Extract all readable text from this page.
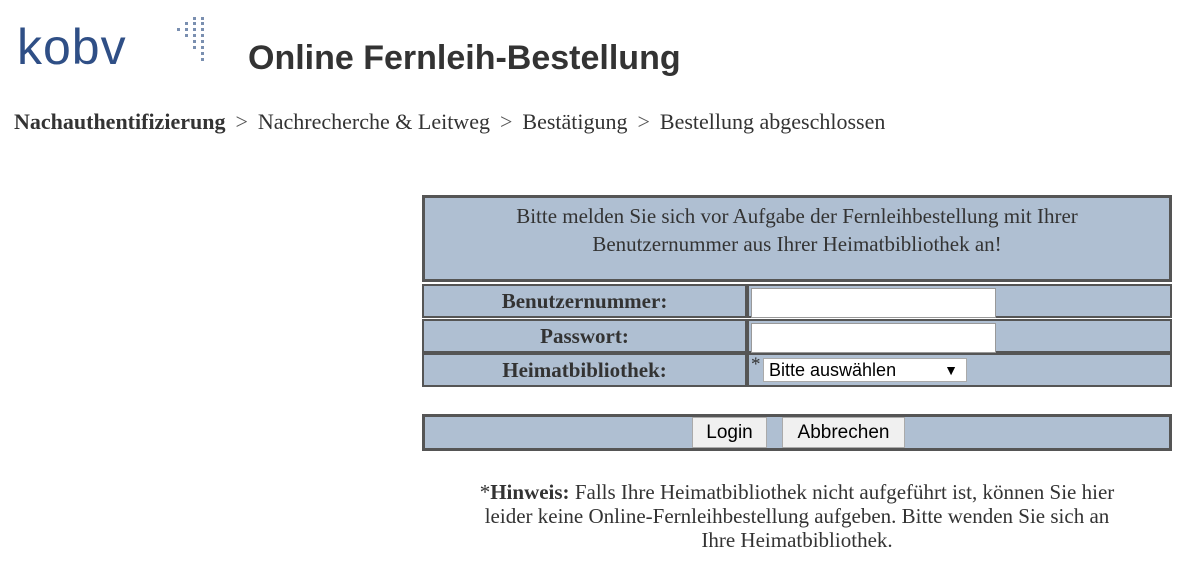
kobv	Online Fernleih-Bestellung
Nachauthentifizierung > Nachrecherche & Leitweg > Bestätigung > Bestellung abgeschlossen
Bitte melden Sie sich vor Aufgabe der Fernleihbestellung mit Ihrer
Benutzernummer aus Ihrer Heimatbibliothek an!
Benutzernummer:
Passwort:
Heimatbibliothek:	* Bitte auswählen	▼
Login	Abbrechen
*Hinweis: Falls Ihre Heimatbibliothek nicht aufgeführt ist, können Sie hier
leider keine Online-Fernleihbestellung aufgeben. Bitte wenden Sie sich an
Ihre Heimatbibliothek.
